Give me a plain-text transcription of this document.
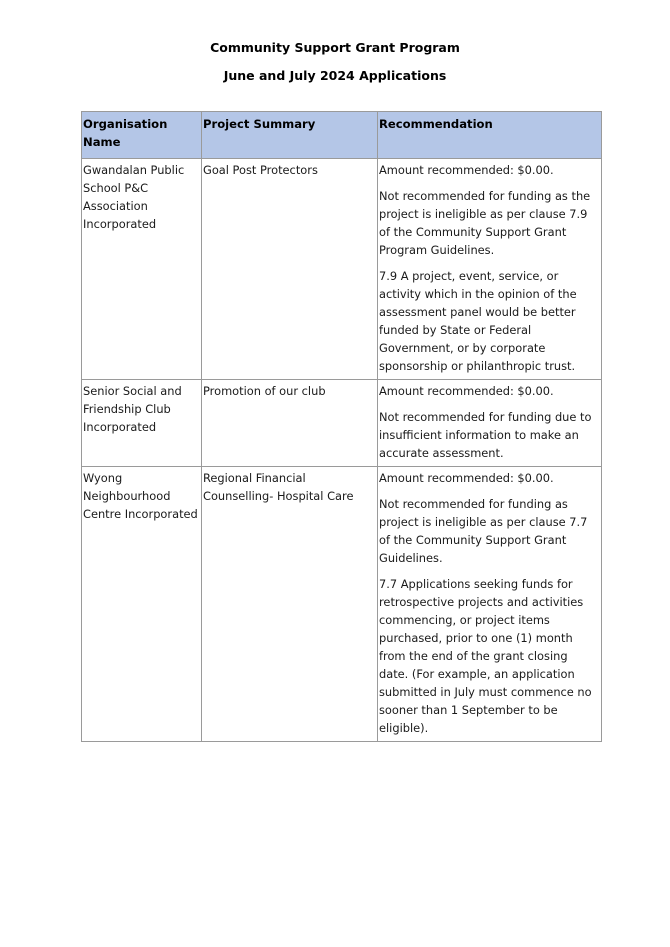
Community Support Grant Program
June and July 2024 Applications
Organisation Name	Project Summary	Recommendation
Gwandalan Public School P&C Association Incorporated	Goal Post Protectors	Amount recommended: $0.00.

Not recommended for funding as the project is ineligible as per clause 7.9 of the Community Support Grant Program Guidelines.

7.9 A project, event, service, or activity which in the opinion of the assessment panel would be better funded by State or Federal Government, or by corporate sponsorship or philanthropic trust.

Senior Social and Friendship Club Incorporated	Promotion of our club	Amount recommended: $0.00.

Not recommended for funding due to insufficient information to make an accurate assessment.

Wyong Neighbourhood Centre Incorporated	Regional Financial Counselling- Hospital Care	Amount recommended: $0.00.

Not recommended for funding as project is ineligible as per clause 7.7 of the Community Support Grant Guidelines.

7.7 Applications seeking funds for retrospective projects and activities commencing, or project items purchased, prior to one (1) month from the end of the grant closing date. (For example, an application submitted in July must commence no sooner than 1 September to be eligible).
